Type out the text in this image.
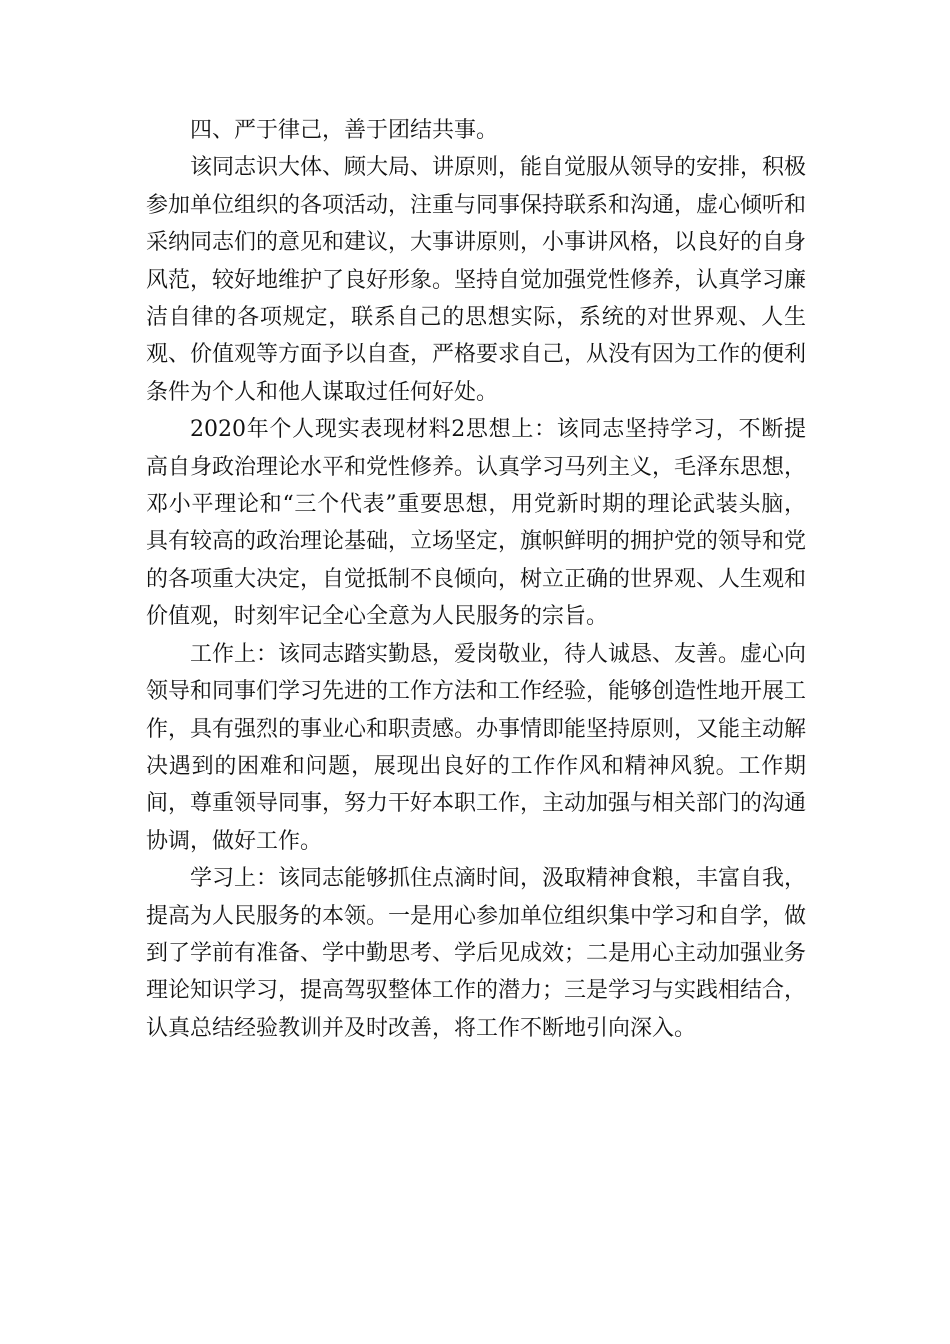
四、严于律己，善于团结共事。

该同志识大体、顾大局、讲原则，能自觉服从领导的安排，积极参加单位组织的各项活动，注重与同事保持联系和沟通，虚心倾听和采纳同志们的意见和建议，大事讲原则，小事讲风格，以良好的自身风范，较好地维护了良好形象。坚持自觉加强党性修养，认真学习廉洁自律的各项规定，联系自己的思想实际，系统的对世界观、人生观、价值观等方面予以自查，严格要求自己，从没有因为工作的便利条件为个人和他人谋取过任何好处。

2020年个人现实表现材料2思想上：该同志坚持学习，不断提高自身政治理论水平和党性修养。认真学习马列主义，毛泽东思想，邓小平理论和“三个代表”重要思想，用党新时期的理论武装头脑，具有较高的政治理论基础，立场坚定，旗帜鲜明的拥护党的领导和党的各项重大决定，自觉抵制不良倾向，树立正确的世界观、人生观和价值观，时刻牢记全心全意为人民服务的宗旨。

工作上：该同志踏实勤恳，爱岗敬业，待人诚恳、友善。虚心向领导和同事们学习先进的工作方法和工作经验，能够创造性地开展工作，具有强烈的事业心和职责感。办事情即能坚持原则，又能主动解决遇到的困难和问题，展现出良好的工作作风和精神风貌。工作期间，尊重领导同事，努力干好本职工作，主动加强与相关部门的沟通协调，做好工作。

学习上：该同志能够抓住点滴时间，汲取精神食粮，丰富自我，提高为人民服务的本领。一是用心参加单位组织集中学习和自学，做到了学前有准备、学中勤思考、学后见成效；二是用心主动加强业务理论知识学习，提高驾驭整体工作的潜力；三是学习与实践相结合，认真总结经验教训并及时改善，将工作不断地引向深入。
